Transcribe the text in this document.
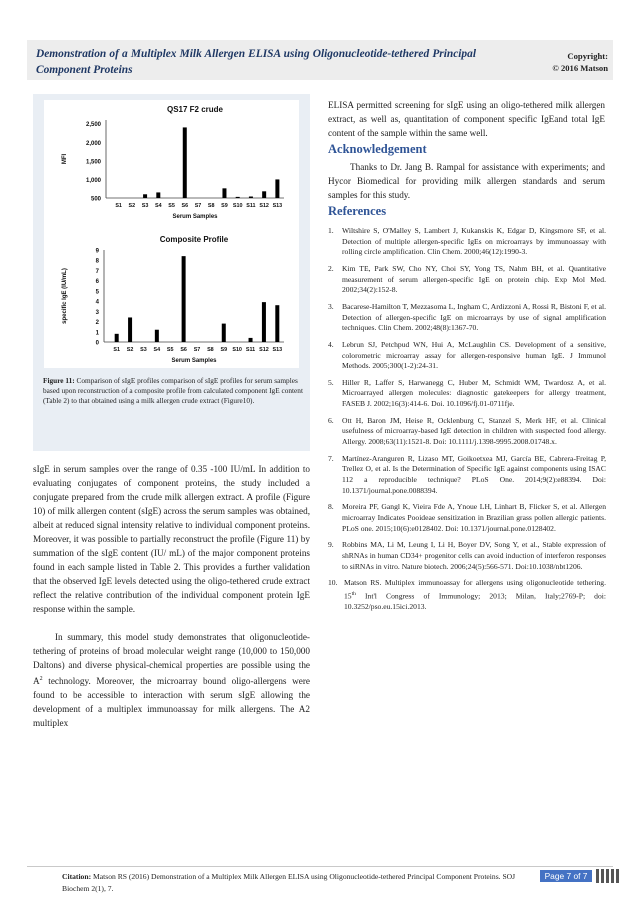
Demonstration of a Multiplex Milk Allergen ELISA using Oligonucleotide-tethered Principal Component Proteins
Copyright:
© 2016 Matson
QS17 F2 crude
500
1,000
1,500
2,000
2,500
MFI
S1 S2 S3 S4 S5 S6 S7 S8 S9 S10 S11 S12 S13
Serum Samples
Composite Profile
0
1
2
3
4
5
6
7
8
9
specific IgE (IU/mL)
S1 S2 S3 S4 S5 S6 S7 S8 S9 S10 S11 S12 S13
Serum Samples
Figure 11: Comparison of sIgE profiles comparison of sIgE profiles for serum samples based upon reconstruction of a composite profile from calculated component IgE content (Table 2) to that obtained using a milk allergen crude extract (Figure10).

sIgE in serum samples over the range of 0.35 -100 IU/mL In addition to evaluating conjugates of component proteins, the study included a conjugate prepared from the crude milk allergen extract. A profile (Figure 10) of milk allergen content (sIgE) across the serum samples was obtained, albeit at reduced signal intensity relative to individual component proteins. Moreover, it was possible to partially reconstruct the profile (Figure 11) by summation of the sIgE content (IU/ mL) of the major component proteins found in each sample listed in Table 2. This provides a further validation that the observed IgE levels detected using the oligo-tethered crude extract reflect the relative contribution of the individual component protein IgE response within the sample.

In summary, this model study demonstrates that oligonucleotide-tethering of proteins of broad molecular weight range (10,000 to 150,000 Daltons) and diverse physical-chemical properties are possible using the $A^2$ technology. Moreover, the microarray bound oligo-allergens were found to be accessible to interaction with serum sIgE allowing the development of a multiplex immunoassay for milk allergens. The A2 multiplex

ELISA permitted screening for sIgE using an oligo-tethered milk allergen extract, as well as, quantitation of component specific IgEand total IgE content of the sample within the same well.
Acknowledgement
Thanks to Dr. Jang B. Rampal for assistance with experiments; and Hycor Biomedical for providing milk allergen standards and serum samples for this study.
References
1. Wiltshire S, O'Malley S, Lambert J, Kukanskis K, Edgar D, Kingsmore SF, et al. Detection of multiple allergen-specific IgEs on microarrays by immunoassay with rolling circle amplification. Clin Chem. 2000;46(12):1990-3.
2. Kim TE, Park SW, Cho NY, Choi SY, Yong TS, Nahm BH, et al. Quantitative measurement of serum allergen-specific IgE on protein chip. Exp Mol Med. 2002;34(2):152-8.
3. Bacarese-Hamilton T, Mezzasoma L, Ingham C, Ardizzoni A, Rossi R, Bistoni F, et al. Detection of allergen-specific IgE on microarrays by use of signal amplification techniques. Clin Chem. 2002;48(8):1367-70.
4. Lebrun SJ, Petchpud WN, Hui A, McLaughlin CS. Development of a sensitive, colorometric microarray assay for allergen-responsive human IgE. J Immunol Methods. 2005;300(1-2):24-31.
5. Hiller R, Laffer S, Harwanegg C, Huber M, Schmidt WM, Twardosz A, et al. Microarrayed allergen molecules: diagnostic gatekeepers for allergy treatment, FASEB J. 2002;16(3):414-6. Doi. 10.1096/fj.01-0711fje.
6. Ott H, Baron JM, Heise R, Ocklenburg C, Stanzel S, Merk HF, et al. Clinical usefulness of microarray-based IgE detection in children with suspected food allergy. Allergy. 2008;63(11):1521-8. Doi: 10.1111/j.1398-9995.2008.01748.x.
7. Martínez-Aranguren R, Lizaso MT, Goikoetxea MJ, García BE, Cabrera-Freitag P, Trellez O, et al. Is the Determination of Specific IgE against components using ISAC 112 a reproducible technique? PLoS One. 2014;9(2):e88394. Doi: 10.1371/journal.pone.0088394.
8. Moreira PF, Gangl K, Vieira Fde A, Ynoue LH, Linhart B, Flicker S, et al. Allergen microarray Indicates Pooideae sensitization in Brazilian grass pollen allergic patients. PLoS one. 2015;10(6):e0128402. Doi: 10.1371/journal.pone.0128402.
9. Robbins MA, Li M, Leung I, Li H, Boyer DV, Song Y, et al., Stable expression of shRNAs in human CD34+ progenitor cells can avoid induction of interferon responses to siRNAs in vitro. Nature biotech. 2006;24(5):566-571. Doi:10.1038/nbt1206.
10. Matson RS. Multiplex immunoassay for allergens using oligonucleotide tethering. 15th Int'l Congress of Immunology; 2013; Milan, Italy;2769-P; doi: 10.3252/pso.eu.15ici.2013.
Citation: Matson RS (2016) Demonstration of a Multiplex Milk Allergen ELISA using Oligonucleotide-tethered Principal Component Proteins. SOJ Biochem 2(1), 7.
Page 7 of 7
